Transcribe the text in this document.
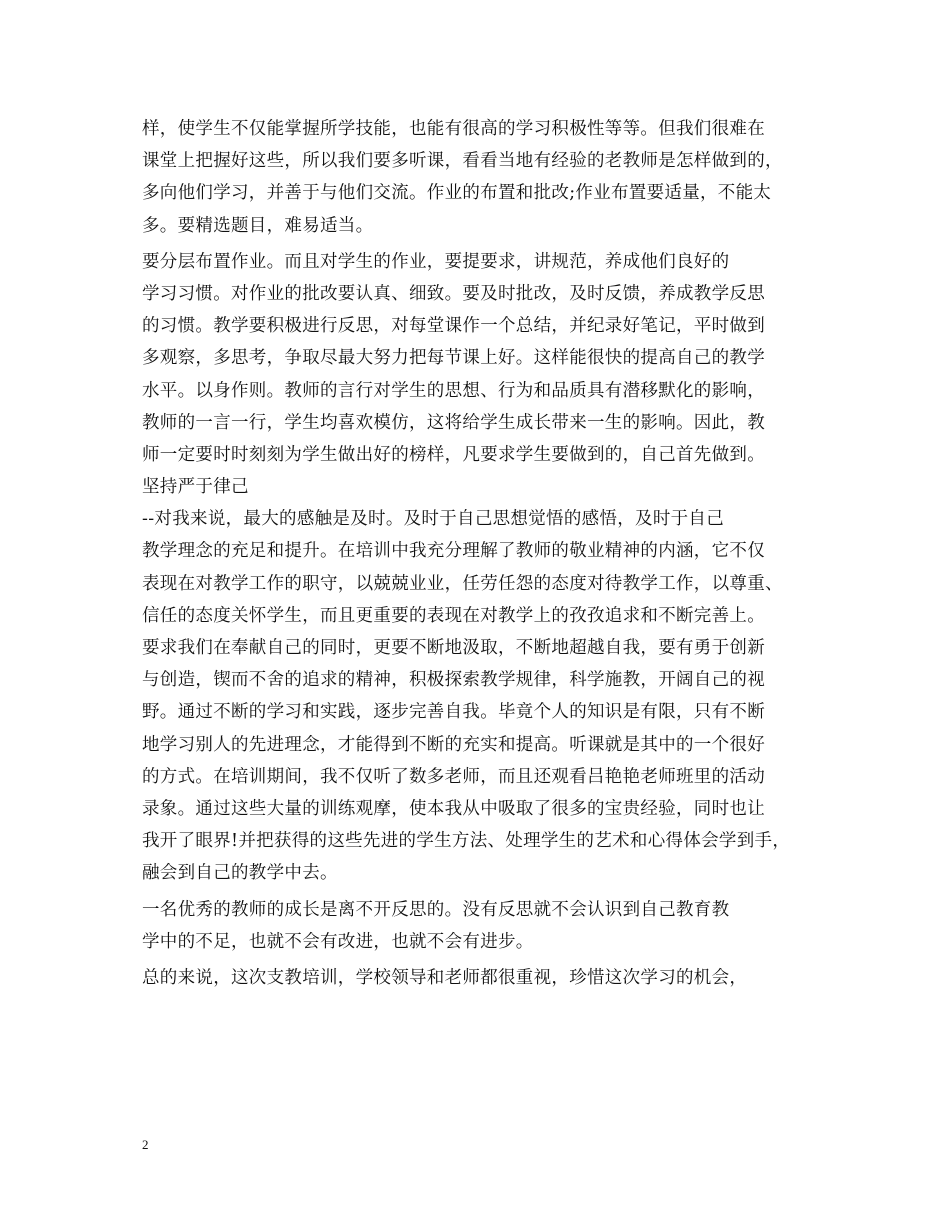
样，使学生不仅能掌握所学技能，也能有很高的学习积极性等等。但我们很难在
课堂上把握好这些，所以我们要多听课，看看当地有经验的老教师是怎样做到的，
多向他们学习，并善于与他们交流。作业的布置和批改;作业布置要适量，不能太
多。要精选题目，难易适当。
要分层布置作业。而且对学生的作业，要提要求，讲规范，养成他们良好的
学习习惯。对作业的批改要认真、细致。要及时批改，及时反馈，养成教学反思
的习惯。教学要积极进行反思，对每堂课作一个总结，并纪录好笔记，平时做到
多观察，多思考，争取尽最大努力把每节课上好。这样能很快的提高自己的教学
水平。以身作则。教师的言行对学生的思想、行为和品质具有潜移默化的影响，
教师的一言一行，学生均喜欢模仿，这将给学生成长带来一生的影响。因此，教
师一定要时时刻刻为学生做出好的榜样，凡要求学生要做到的，自己首先做到。
坚持严于律己
--对我来说，最大的感触是及时。及时于自己思想觉悟的感悟，及时于自己
教学理念的充足和提升。在培训中我充分理解了教师的敬业精神的内涵，它不仅
表现在对教学工作的职守，以兢兢业业，任劳任怨的态度对待教学工作，以尊重、
信任的态度关怀学生，而且更重要的表现在对教学上的孜孜追求和不断完善上。
要求我们在奉献自己的同时，更要不断地汲取，不断地超越自我，要有勇于创新
与创造，锲而不舍的追求的精神，积极探索教学规律，科学施教，开阔自己的视
野。通过不断的学习和实践，逐步完善自我。毕竟个人的知识是有限，只有不断
地学习别人的先进理念，才能得到不断的充实和提高。听课就是其中的一个很好
的方式。在培训期间，我不仅听了数多老师，而且还观看吕艳艳老师班里的活动
录象。通过这些大量的训练观摩，使本我从中吸取了很多的宝贵经验，同时也让
我开了眼界!并把获得的这些先进的学生方法、处理学生的艺术和心得体会学到手，
融会到自己的教学中去。
一名优秀的教师的成长是离不开反思的。没有反思就不会认识到自己教育教
学中的不足，也就不会有改进，也就不会有进步。
总的来说，这次支教培训，学校领导和老师都很重视，珍惜这次学习的机会，
2
